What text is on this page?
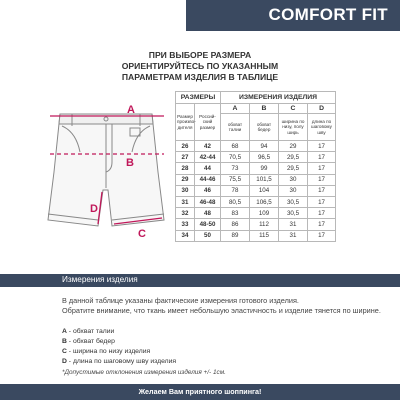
COMFORT FIT
ПРИ ВЫБОРЕ РАЗМЕРА
ОРИЕНТИРУЙТЕСЬ ПО УКАЗАННЫМ
ПАРАМЕТРАМ ИЗДЕЛИЯ В ТАБЛИЦЕ
A
B
C
D
РАЗМЕРЫ		ИЗМЕРЕНИЯ ИЗДЕЛИЯ			
Размер произво-дителя	Россий-ский размер	A	B	C	D
		обхват талии	обхват бедер	ширина по низу, полу ширь	длина по шаговому шву
26	42	68	94	29	17
27	42-44	70,5	96,5	29,5	17
28	44	73	99	29,5	17
29	44-46	75,5	101,5	30	17
30	46	78	104	30	17
31	46-48	80,5	106,5	30,5	17
32	48	83	109	30,5	17
33	48-50	86	112	31	17
34	50	89	115	31	17
Измерения изделия
В данной таблице указаны фактические измерения готового изделия.
Обратите внимание, что ткань имеет небольшую эластичность и изделие тянется по ширине.
A - обхват талии
B - обхват бедер
C - ширина по низу изделия
D - длина по шаговому шву изделия
*Допустимые отклонения измерения изделия +/- 1см.
Желаем Вам приятного шоппинга!
